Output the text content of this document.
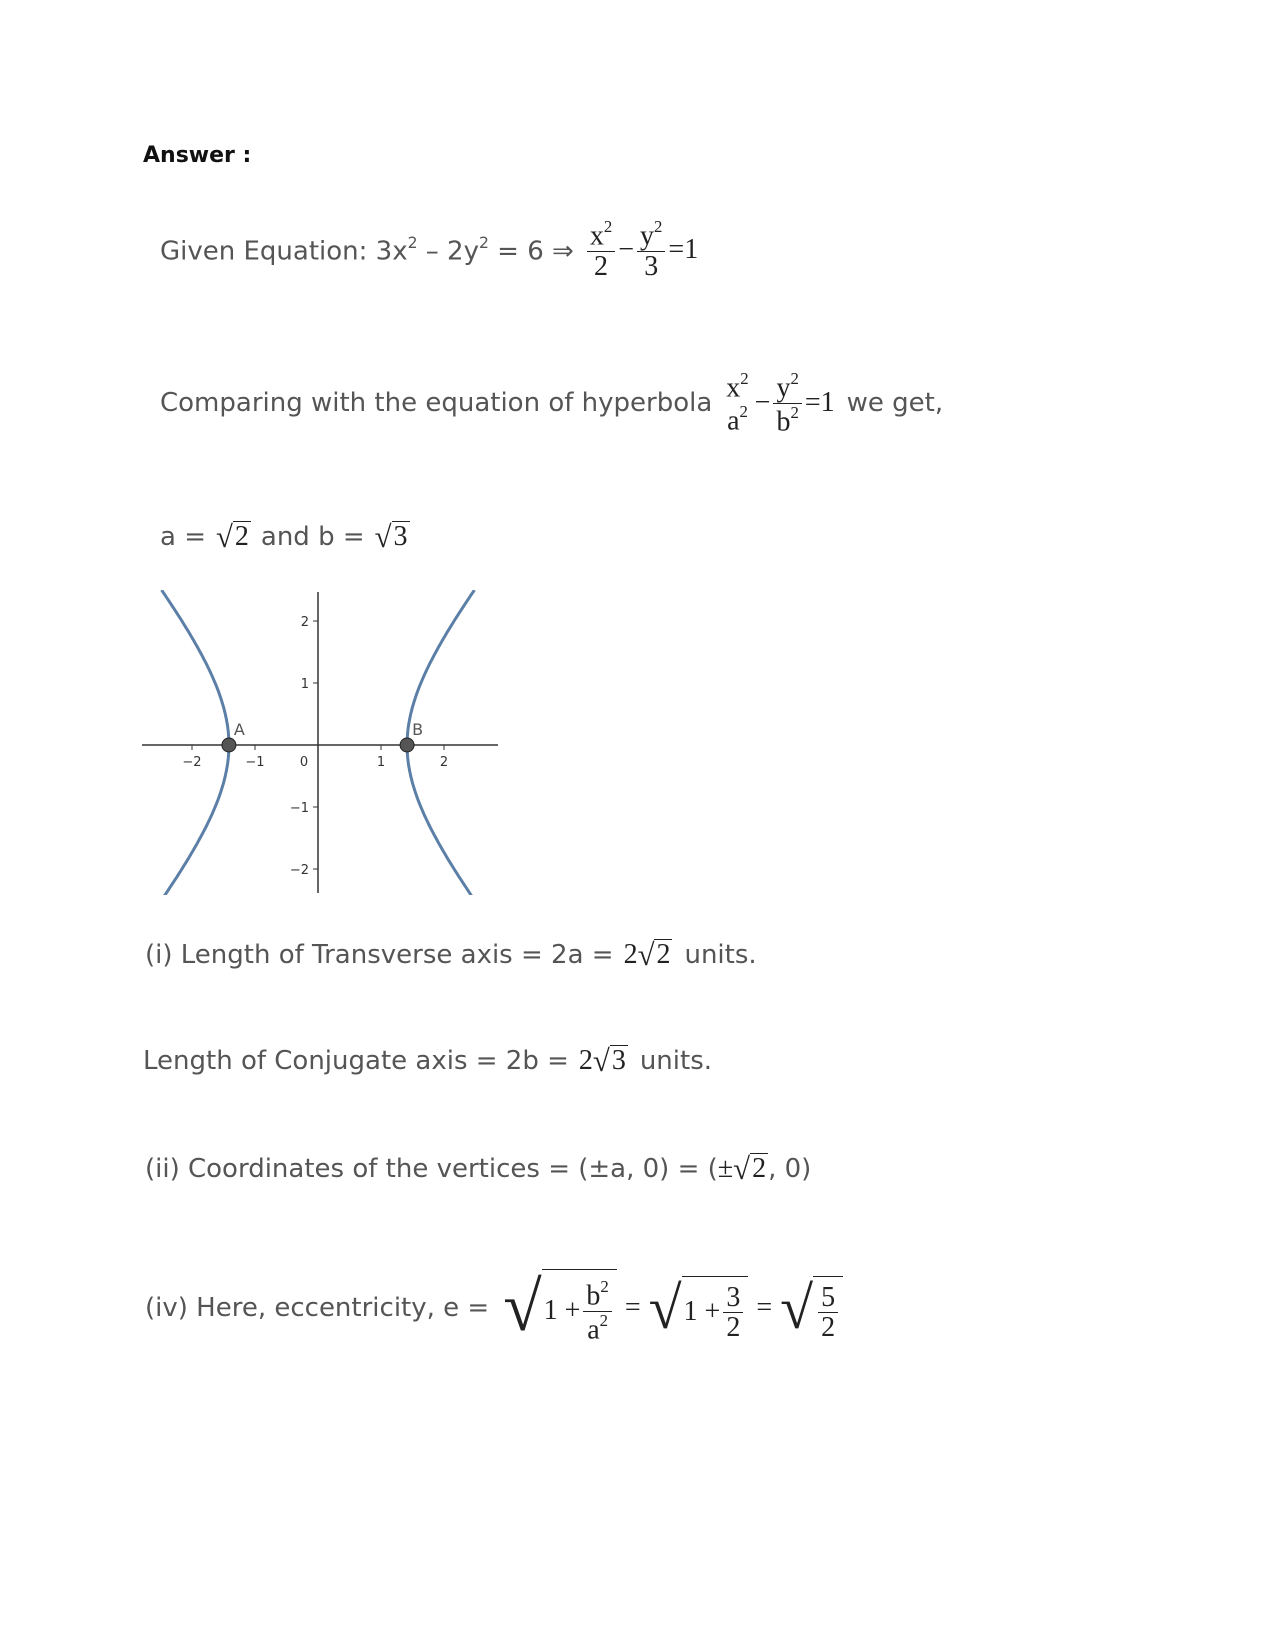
Answer :
Given Equation: $3x^2 - 2y^2 = 6$ ⇒ $\frac{x^2}{2} - \frac{y^2}{3} =1$
Comparing with the equation of hyperbola $x^2$
$a^2 - \frac{y^2}{b^2} =1$ we get,
a = √ 2 and b = √ 3
−2	−1	0	1	2
2
1
−1
−2
A	B
(i) Length of Transverse axis = 2a = 2 √ 2 units.
Length of Conjugate axis = 2b = 2 √ 3 units.
(ii) Coordinates of the vertices = (±a, 0) = ( ± √ 2 , 0)
(iv) Here, eccentricity, e = √ $1 + \frac{b^2}{a^2}$ = √ $1 + \frac{3}{2}$ = √ $\frac{5}{2}$
